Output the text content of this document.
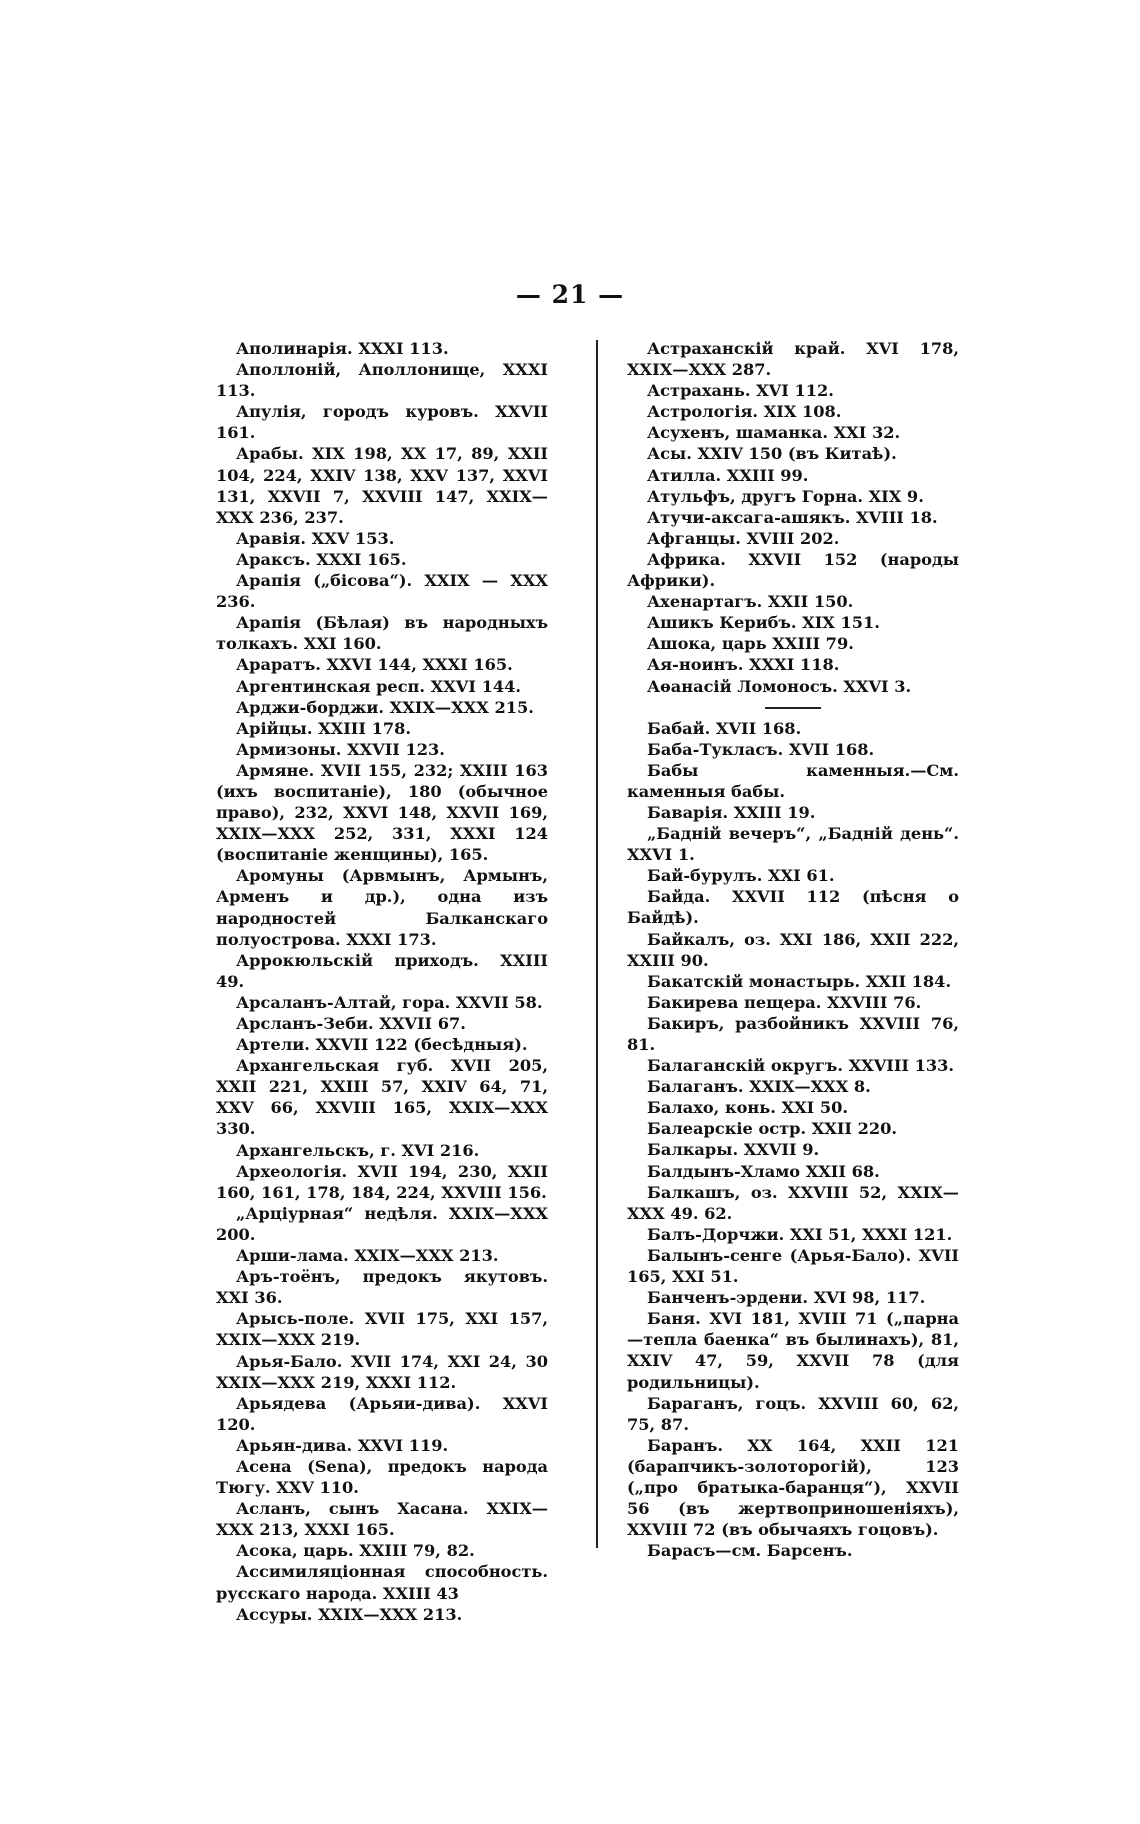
— 21 —

Аполинарія. XXXI 113.

Аполлоній, Аполлонище, XXXI 113.

Апулія, городъ куровъ. XXVII 161.

Арабы. XIX 198, XX 17, 89, XXII 104, 224, XXIV 138, XXV 137, XXVI 131, XXVII 7, XXVIII 147, XXIX—XXX 236, 237.

Аравія. XXV 153.

Араксъ. XXXI 165.

Арапія („бісова“). XXIX — XXX 236.

Арапія (Бѣлая) въ народныхъ толкахъ. XXI 160.

Араратъ. XXVI 144, XXXI 165.

Аргентинская респ. XXVI 144.

Арджи-борджи. XXIX—XXX 215.

Арійцы. XXIII 178.

Армизоны. XXVII 123.

Армяне. XVII 155, 232; XXIII 163 (ихъ воспитаніе), 180 (обычное право), 232, XXVI 148, XXVII 169, XXIX—XXX 252, 331, XXXI 124 (воспитаніе женщины), 165.

Аромуны (Арвмынъ, Армынъ, Арменъ и др.), одна изъ народностей Балканскаго полуострова. XXXI 173.

Аррокюльскій приходъ. XXIII 49.

Арсаланъ-Алтай, гора. XXVII 58.

Арсланъ-Зеби. XXVII 67.

Артели. XXVII 122 (бесѣдныя).

Архангельская губ. XVII 205, XXII 221, XXIII 57, XXIV 64, 71, XXV 66, XXVIII 165, XXIX—XXX 330.

Архангельскъ, г. XVI 216.

Археологія. XVII 194, 230, XXII 160, 161, 178, 184, 224, XXVIII 156.

„Арціурная“ недѣля. XXIX—XXX 200.

Арши-лама. XXIX—XXX 213.

Аръ-тоёнъ, предокъ якутовъ. XXI 36.

Арысь-поле. XVII 175, XXI 157, XXIX—XXX 219.

Арья-Бало. XVII 174, XXI 24, 30 XXIX—XXX 219, XXXI 112.

Арьядева (Арьяи-дива). XXVI 120.

Арьян-дива. XXVI 119.

Асена (Sena), предокъ народа Тюгу. XXV 110.

Асланъ, сынъ Хасана. XXIX—XXX 213, XXXI 165.

Асока, царь. XXIII 79, 82.

Ассимиляціонная способность. русскаго народа. XXIII 43

Ассуры. XXIX—XXX 213.

Астраханскій край. XVI 178, XXIX—XXX 287.

Астрахань. XVI 112.

Астрологія. XIX 108.

Асухенъ, шаманка. XXI 32.

Асы. XXIV 150 (въ Китаѣ).

Атилла. XXIII 99.

Атульфъ, другъ Горна. XIX 9.

Атучи-аксага-ашякъ. XVIII 18.

Афганцы. XVIII 202.

Африка. XXVII 152 (народы Африки).

Ахенартагъ. XXII 150.

Ашикъ Керибъ. XIX 151.

Ашока, царь XXIII 79.

Ая-ноинъ. XXXI 118.

Аѳанасій Ломоносъ. XXVI 3.

Бабай. XVII 168.

Баба-Тукласъ. XVII 168.

Бабы каменныя.—См. каменныя бабы.

Баварія. XXIII 19.

„Бадній вечеръ“, „Бадній день“. XXVI 1.

Бай-бурулъ. XXI 61.

Байда. XXVII 112 (пѣсня о Байдѣ).

Байкалъ, оз. XXI 186, XXII 222, XXIII 90.

Бакатскій монастырь. XXII 184.

Бакирева пещера. XXVIII 76.

Бакиръ, разбойникъ XXVIII 76, 81.

Балаганскій округъ. XXVIII 133.

Балаганъ. XXIX—XXX 8.

Балахо, конь. XXI 50.

Балеарскіе остр. XXII 220.

Балкары. XXVII 9.

Балдынъ-Хламо XXII 68.

Балкашъ, оз. XXVIII 52, XXIX—XXX 49. 62.

Балъ-Дорчжи. XXI 51, XXXI 121.

Балынъ-сенге (Арья-Бало). XVII 165, XXI 51.

Банченъ-эрдени. XVI 98, 117.

Баня. XVI 181, XVIII 71 („парна—тепла баенка“ въ былинахъ), 81, XXIV 47, 59, XXVII 78 (для родильницы).

Бараганъ, гоцъ. XXVIII 60, 62, 75, 87.

Баранъ. XX 164, XXII 121 (барапчикъ-золоторогій), 123 („про братыка-баранця“), XXVII 56 (въ жертвоприношеніяхъ), XXVIII 72 (въ обычаяхъ гоцовъ).

Барасъ—см. Барсенъ.
